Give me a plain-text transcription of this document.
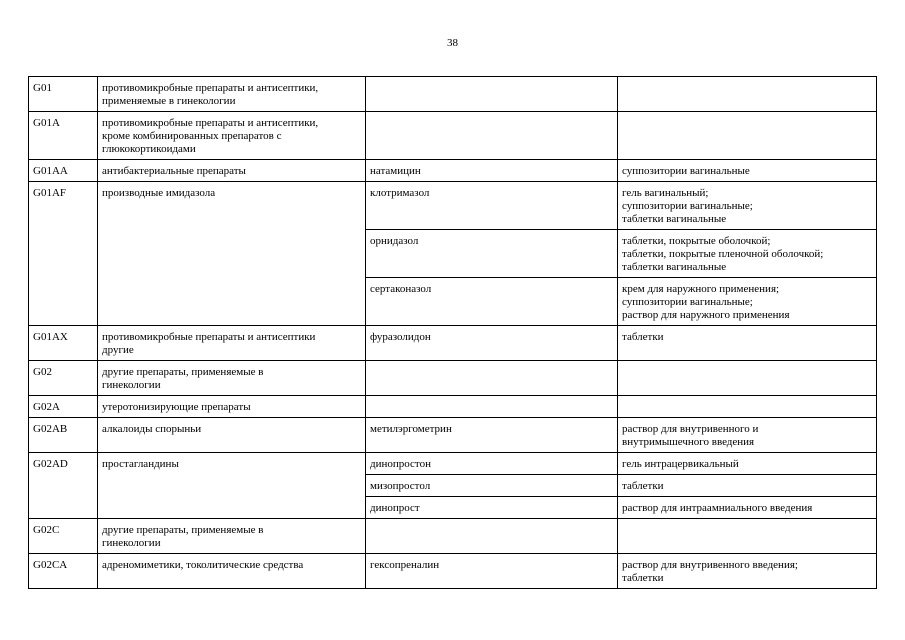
38
G01	противомикробные препараты и антисептики,
применяемые в гинекологии		

G01A	противомикробные препараты и антисептики,
кроме комбинированных препаратов с
глюкокортикоидами		

G01AA	антибактериальные препараты	натамицин	суппозитории вагинальные

G01AF	производные имидазола	клотримазол	гель вагинальный;
суппозитории вагинальные;
таблетки вагинальные

		орнидазол	таблетки, покрытые оболочкой;
таблетки, покрытые пленочной оболочкой;
таблетки вагинальные

		сертаконазол	крем для наружного применения;
суппозитории вагинальные;
раствор для наружного применения

G01AX	противомикробные препараты и антисептики
другие	фуразолидон	таблетки

G02	другие препараты, применяемые в
гинекологии		

G02A	утеротонизирующие препараты		

G02AB	алкалоиды спорыньи	метилэргометрин	раствор для внутривенного и
внутримышечного введения

G02AD	простагландины	динопростон	гель интрацервикальный

		мизопростол	таблетки

		динопрост	раствор для интраамниального введения

G02C	другие препараты, применяемые в
гинекологии		

G02CA	адреномиметики, токолитические средства	гексопреналин	раствор для внутривенного введения;
таблетки
